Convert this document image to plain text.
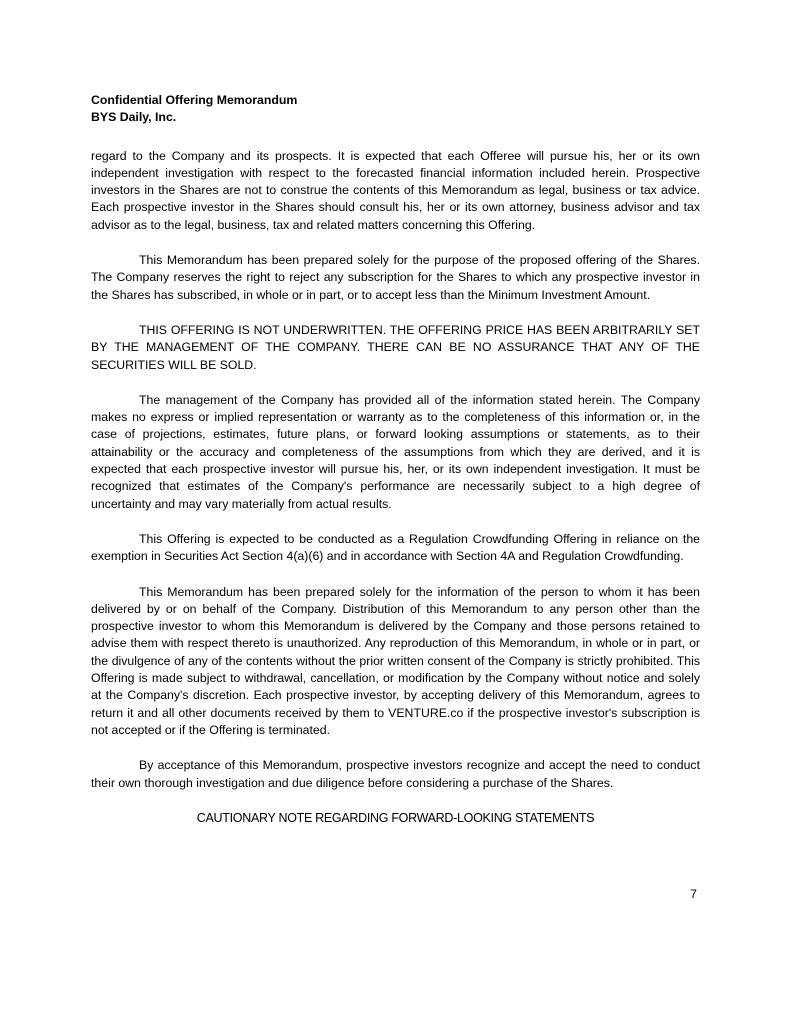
Confidential Offering Memorandum
BYS Daily, Inc.

regard to the Company and its prospects. It is expected that each Offeree will pursue his, her or its own independent investigation with respect to the forecasted financial information included herein. Prospective investors in the Shares are not to construe the contents of this Memorandum as legal, business or tax advice. Each prospective investor in the Shares should consult his, her or its own attorney, business advisor and tax advisor as to the legal, business, tax and related matters concerning this Offering.

This Memorandum has been prepared solely for the purpose of the proposed offering of the Shares. The Company reserves the right to reject any subscription for the Shares to which any prospective investor in the Shares has subscribed, in whole or in part, or to accept less than the Minimum Investment Amount.

THIS OFFERING IS NOT UNDERWRITTEN. THE OFFERING PRICE HAS BEEN ARBITRARILY SET BY THE MANAGEMENT OF THE COMPANY. THERE CAN BE NO ASSURANCE THAT ANY OF THE SECURITIES WILL BE SOLD.

The management of the Company has provided all of the information stated herein. The Company makes no express or implied representation or warranty as to the completeness of this information or, in the case of projections, estimates, future plans, or forward looking assumptions or statements, as to their attainability or the accuracy and completeness of the assumptions from which they are derived, and it is expected that each prospective investor will pursue his, her, or its own independent investigation. It must be recognized that estimates of the Company's performance are necessarily subject to a high degree of uncertainty and may vary materially from actual results.

This Offering is expected to be conducted as a Regulation Crowdfunding Offering in reliance on the exemption in Securities Act Section 4(a)(6) and in accordance with Section 4A and Regulation Crowdfunding.

This Memorandum has been prepared solely for the information of the person to whom it has been delivered by or on behalf of the Company. Distribution of this Memorandum to any person other than the prospective investor to whom this Memorandum is delivered by the Company and those persons retained to advise them with respect thereto is unauthorized. Any reproduction of this Memorandum, in whole or in part, or the divulgence of any of the contents without the prior written consent of the Company is strictly prohibited. This Offering is made subject to withdrawal, cancellation, or modification by the Company without notice and solely at the Company's discretion. Each prospective investor, by accepting delivery of this Memorandum, agrees to return it and all other documents received by them to VENTURE.co if the prospective investor's subscription is not accepted or if the Offering is terminated.

By acceptance of this Memorandum, prospective investors recognize and accept the need to conduct their own thorough investigation and due diligence before considering a purchase of the Shares.

CAUTIONARY NOTE REGARDING FORWARD-LOOKING STATEMENTS
7
